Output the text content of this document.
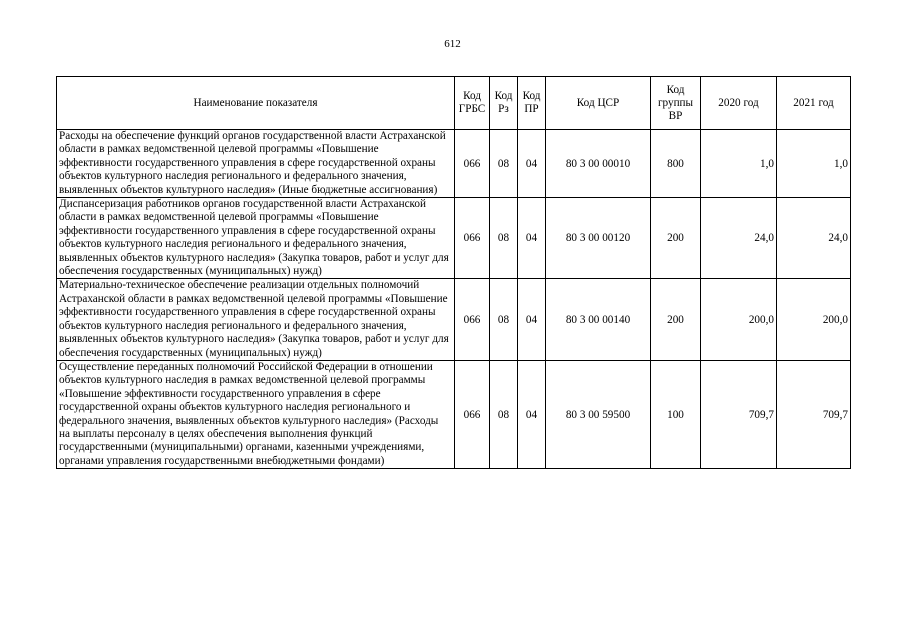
612
Наименование показателя	Код ГРБС	Код Рз	Код ПР	Код ЦСР	Код группы ВР	2020 год	2021 год
Расходы на обеспечение функций органов государственной власти Астраханской области в рамках ведомственной целевой программы «Повышение эффективности государственного управления в сфере государственной охраны объектов культурного наследия регионального и федерального значения, выявленных объектов культурного наследия» (Иные бюджетные ассигнования)	066	08	04	80 3 00 00010	800	1,0	1,0
Диспансеризация работников органов государственной власти Астраханской области в рамках ведомственной целевой программы «Повышение эффективности государственного управления в сфере государственной охраны объектов культурного наследия регионального и федерального значения, выявленных объектов культурного наследия» (Закупка товаров, работ и услуг для обеспечения государственных (муниципальных) нужд)	066	08	04	80 3 00 00120	200	24,0	24,0
Материально-техническое обеспечение реализации отдельных полномочий Астраханской области в рамках ведомственной целевой программы «Повышение эффективности государственного управления в сфере государственной охраны объектов культурного наследия регионального и федерального значения, выявленных объектов культурного наследия» (Закупка товаров, работ и услуг для обеспечения государственных (муниципальных) нужд)	066	08	04	80 3 00 00140	200	200,0	200,0
Осуществление переданных полномочий Российской Федерации в отношении объектов культурного наследия в рамках ведомственной целевой программы «Повышение эффективности государственного управления в сфере государственной охраны объектов культурного наследия регионального и федерального значения, выявленных объектов культурного наследия» (Расходы на выплаты персоналу в целях обеспечения выполнения функций государственными (муниципальными) органами, казенными учреждениями, органами управления государственными внебюджетными фондами)	066	08	04	80 3 00 59500	100	709,7	709,7
